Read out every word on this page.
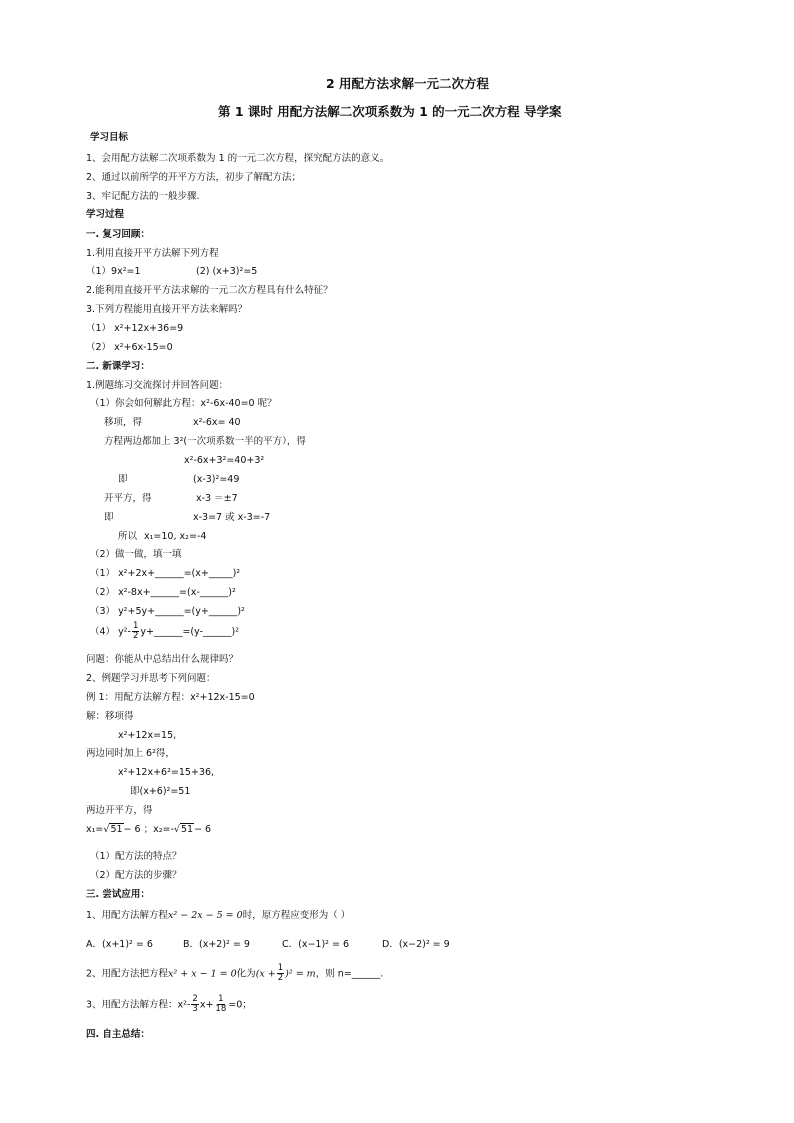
2 用配方法求解一元二次方程
第 1 课时 用配方法解二次项系数为 1 的一元二次方程 导学案
学习目标
1、会用配方法解二次项系数为 1 的一元二次方程，探究配方法的意义。
2、通过以前所学的开平方方法，初步了解配方法；
3、牢记配方法的一般步骤.
学习过程
一. 复习回顾：
1.利用直接开平方法解下列方程
（1）9x²=1	(2) (x+3)²=5
2.能利用直接开平方法求解的一元二次方程具有什么特征？
3.下列方程能用直接开平方法来解吗？
（1） x²+12x+36=9
（2） x²+6x-15=0
二. 新课学习：
1.例题练习交流探讨并回答问题：
（1）你会如何解此方程：x²-6x-40=0 呢？
移项，得	x²-6x= 40
方程两边都加上 3²(一次项系数一半的平方），得
x²-6x+3²=40+3²
即	(x-3)²=49
开平方，得	x-3 ＝±7
即	x-3=7 或 x-3=-7
所以 x₁=10, x₂=-4
（2）做一做，填一填
（1） x²+2x+______=(x+_____)²
（2） x²-8x+______=(x-______)²
（3） y²+5y+______=(y+______)²
（4） $y^2- \frac{1}{2}$ y+______=(y-______)²
问题：你能从中总结出什么规律吗？
2、例题学习并思考下列问题：
例 1：用配方法解方程：x²+12x-15=0
解：移项得
x²+12x=15,
两边同时加上 6²得，
x²+12x+6²=15+36,
即(x+6)²=51
两边开平方，得
x₁=√51− 6 ；x₂=-√51− 6
（1）配方法的特点？
（2）配方法的步骤？
三. 尝试应用：
1、用配方法解方程x² − 2x − 5 = 0时，原方程应变形为（ ）
A．(x+1)² = 6	B．(x+2)² = 9	C．(x−1)² = 6	D．(x−2)² = 9
2、用配方法把方程x² + x − 1 = 0化为$(x + \frac{1}{2} )^2 = m$，则 n=______.
3、用配方法解方程：$x^2- \frac{2}{3} x+ \frac{1}{18} =0$；
四. 自主总结：
